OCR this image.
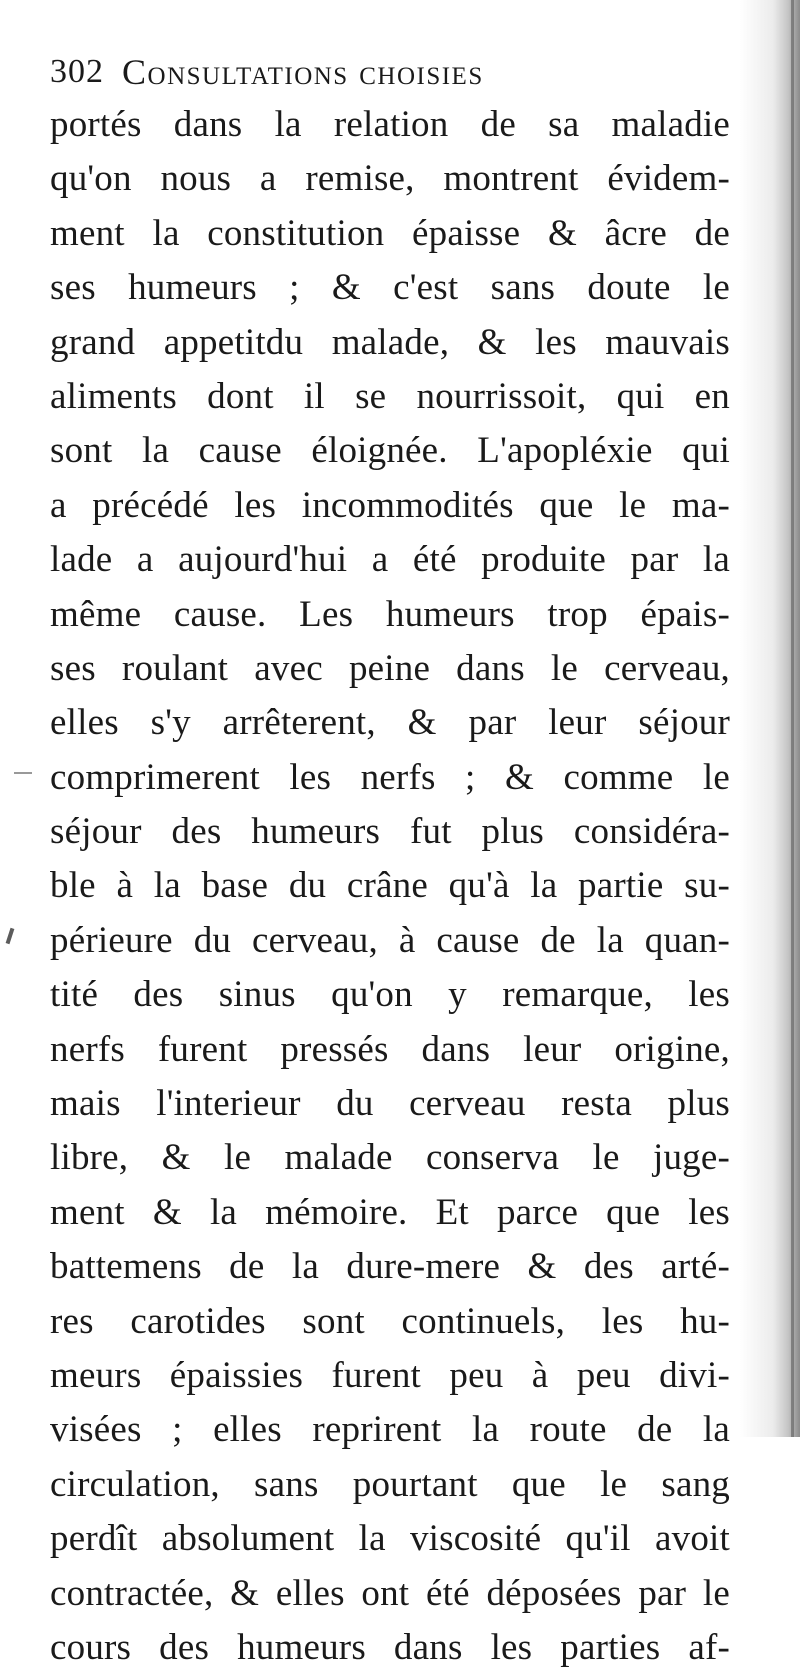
302 Consultations choisies
portés dans la relation de sa maladie
qu'on nous a remise, montrent évidem-
ment la constitution épaisse & âcre de
ses humeurs ; & c'est sans doute le
grand appetitdu malade, & les mauvais
aliments dont il se nourrissoit, qui en
sont la cause éloignée. L'apopléxie qui
a précédé les incommodités que le ma-
lade a aujourd'hui a été produite par la
même cause. Les humeurs trop épais-
ses roulant avec peine dans le cerveau,
elles s'y arrêterent, & par leur séjour
comprimerent les nerfs ; & comme le
séjour des humeurs fut plus considéra-
ble à la base du crâne qu'à la partie su-
périeure du cerveau, à cause de la quan-
tité des sinus qu'on y remarque, les
nerfs furent pressés dans leur origine,
mais l'interieur du cerveau resta plus
libre, & le malade conserva le juge-
ment & la mémoire. Et parce que les
battemens de la dure-mere & des arté-
res carotides sont continuels, les hu-
meurs épaissies furent peu à peu divi-
visées ; elles reprirent la route de la
circulation, sans pourtant que le sang
perdît absolument la viscosité qu'il avoit
contractée, & elles ont été déposées par le
cours des humeurs dans les parties af-
